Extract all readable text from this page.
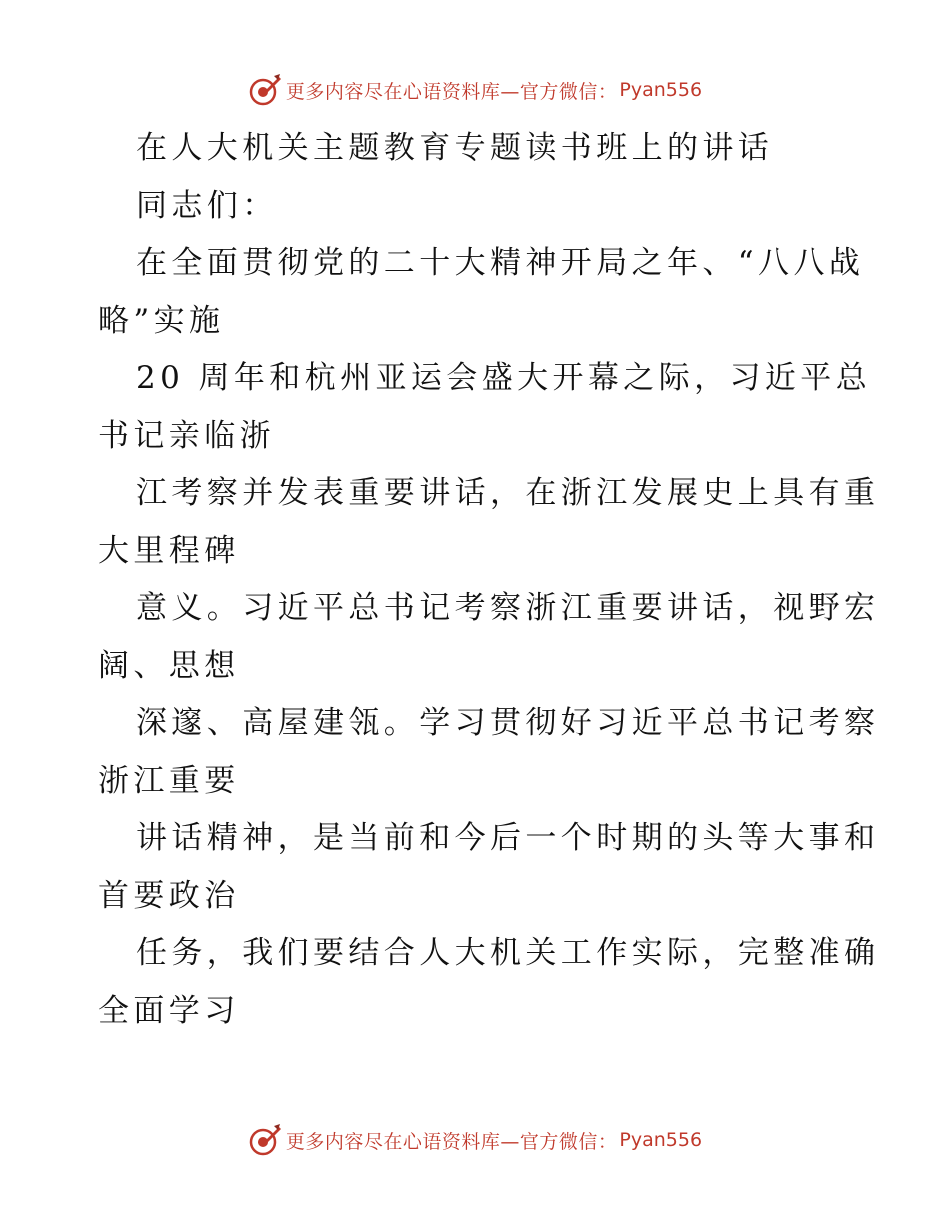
更多内容尽在心语资料库—官方微信： Pyan556

在人大机关主题教育专题读书班上的讲话

同志们：

在全面贯彻党的二十大精神开局之年、“八八战

略”实施

20 周年和杭州亚运会盛大开幕之际，习近平总

书记亲临浙

江考察并发表重要讲话，在浙江发展史上具有重

大里程碑

意义。习近平总书记考察浙江重要讲话，视野宏

阔、思想

深邃、高屋建瓴。学习贯彻好习近平总书记考察

浙江重要

讲话精神，是当前和今后一个时期的头等大事和

首要政治

任务，我们要结合人大机关工作实际，完整准确

全面学习

更多内容尽在心语资料库—官方微信： Pyan556
